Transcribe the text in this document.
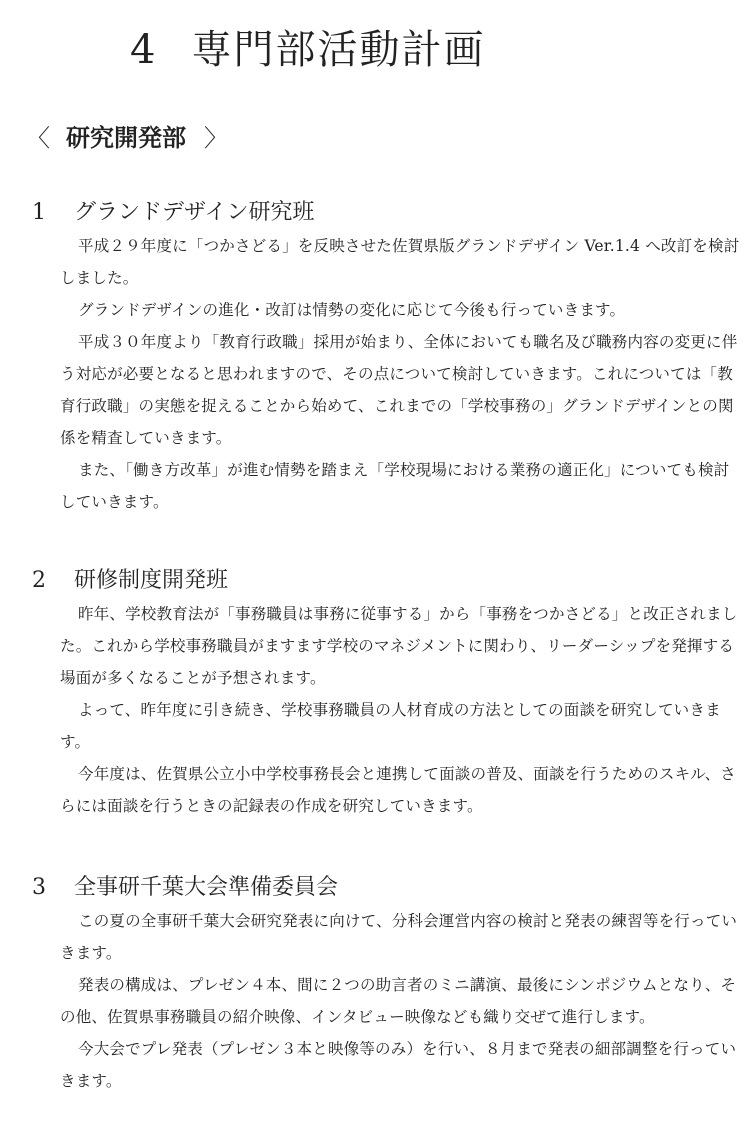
4 専門部活動計画
〈 研究開発部 〉
1 グランドデザイン研究班

平成２９年度に「つかさどる」を反映させた佐賀県版グランドデザイン Ver.1.4 へ改訂を検討しました。

グランドデザインの進化・改訂は情勢の変化に応じて今後も行っていきます。

平成３０年度より「教育行政職」採用が始まり、全体においても職名及び職務内容の変更に伴う対応が必要となると思われますので、その点について検討していきます。これについては「教育行政職」の実態を捉えることから始めて、これまでの「学校事務の」グランドデザインとの関係を精査していきます。

また、「働き方改革」が進む情勢を踏まえ「学校現場における業務の適正化」についても検討していきます。

2 研修制度開発班

昨年、学校教育法が「事務職員は事務に従事する」から「事務をつかさどる」と改正されました。これから学校事務職員がますます学校のマネジメントに関わり、リーダーシップを発揮する場面が多くなることが予想されます。

よって、昨年度に引き続き、学校事務職員の人材育成の方法としての面談を研究していきます。

今年度は、佐賀県公立小中学校事務長会と連携して面談の普及、面談を行うためのスキル、さらには面談を行うときの記録表の作成を研究していきます。

3 全事研千葉大会準備委員会

この夏の全事研千葉大会研究発表に向けて、分科会運営内容の検討と発表の練習等を行っていきます。

発表の構成は、プレゼン４本、間に２つの助言者のミニ講演、最後にシンポジウムとなり、その他、佐賀県事務職員の紹介映像、インタビュー映像なども織り交ぜて進行します。

今大会でプレ発表（プレゼン３本と映像等のみ）を行い、８月まで発表の細部調整を行っていきます。
